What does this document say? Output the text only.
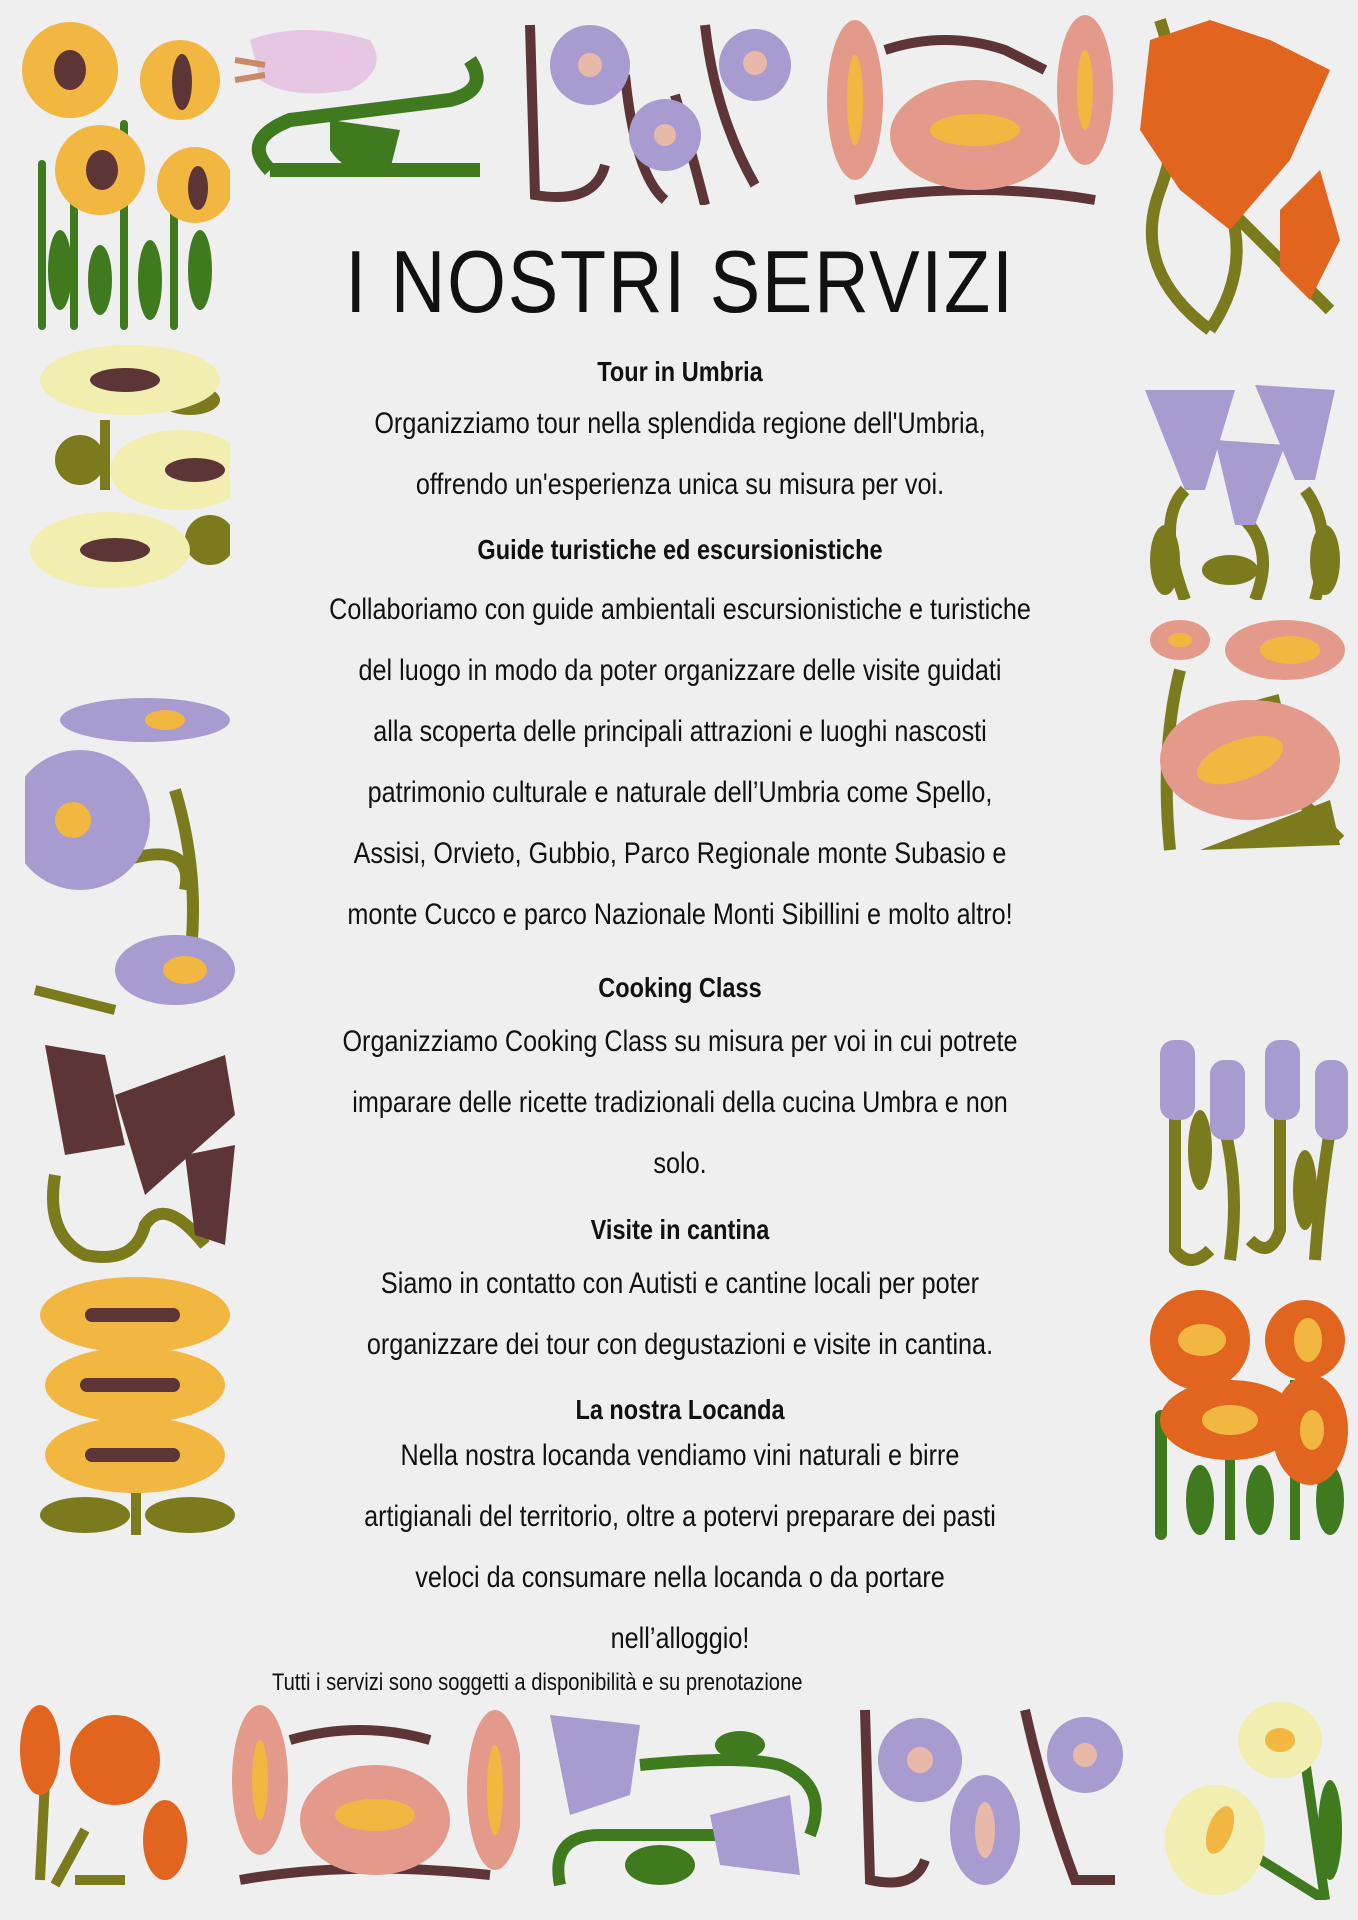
I NOSTRI SERVIZI
Tour in Umbria
Organizziamo tour nella splendida regione dell'Umbria,
offrendo un'esperienza unica su misura per voi.
Guide turistiche ed escursionistiche
Collaboriamo con guide ambientali escursionistiche e turistiche
del luogo in modo da poter organizzare delle visite guidati
alla scoperta delle principali attrazioni e luoghi nascosti
patrimonio culturale e naturale dell’Umbria come Spello,
Assisi, Orvieto, Gubbio, Parco Regionale monte Subasio e
monte Cucco e parco Nazionale Monti Sibillini e molto altro!
Cooking Class
Organizziamo Cooking Class su misura per voi in cui potrete
imparare delle ricette tradizionali della cucina Umbra e non
solo.
Visite in cantina
Siamo in contatto con Autisti e cantine locali per poter
organizzare dei tour con degustazioni e visite in cantina.
La nostra Locanda
Nella nostra locanda vendiamo vini naturali e birre
artigianali del territorio, oltre a potervi preparare dei pasti
veloci da consumare nella locanda o da portare
nell’alloggio!
Tutti i servizi sono soggetti a disponibilità e su prenotazione
